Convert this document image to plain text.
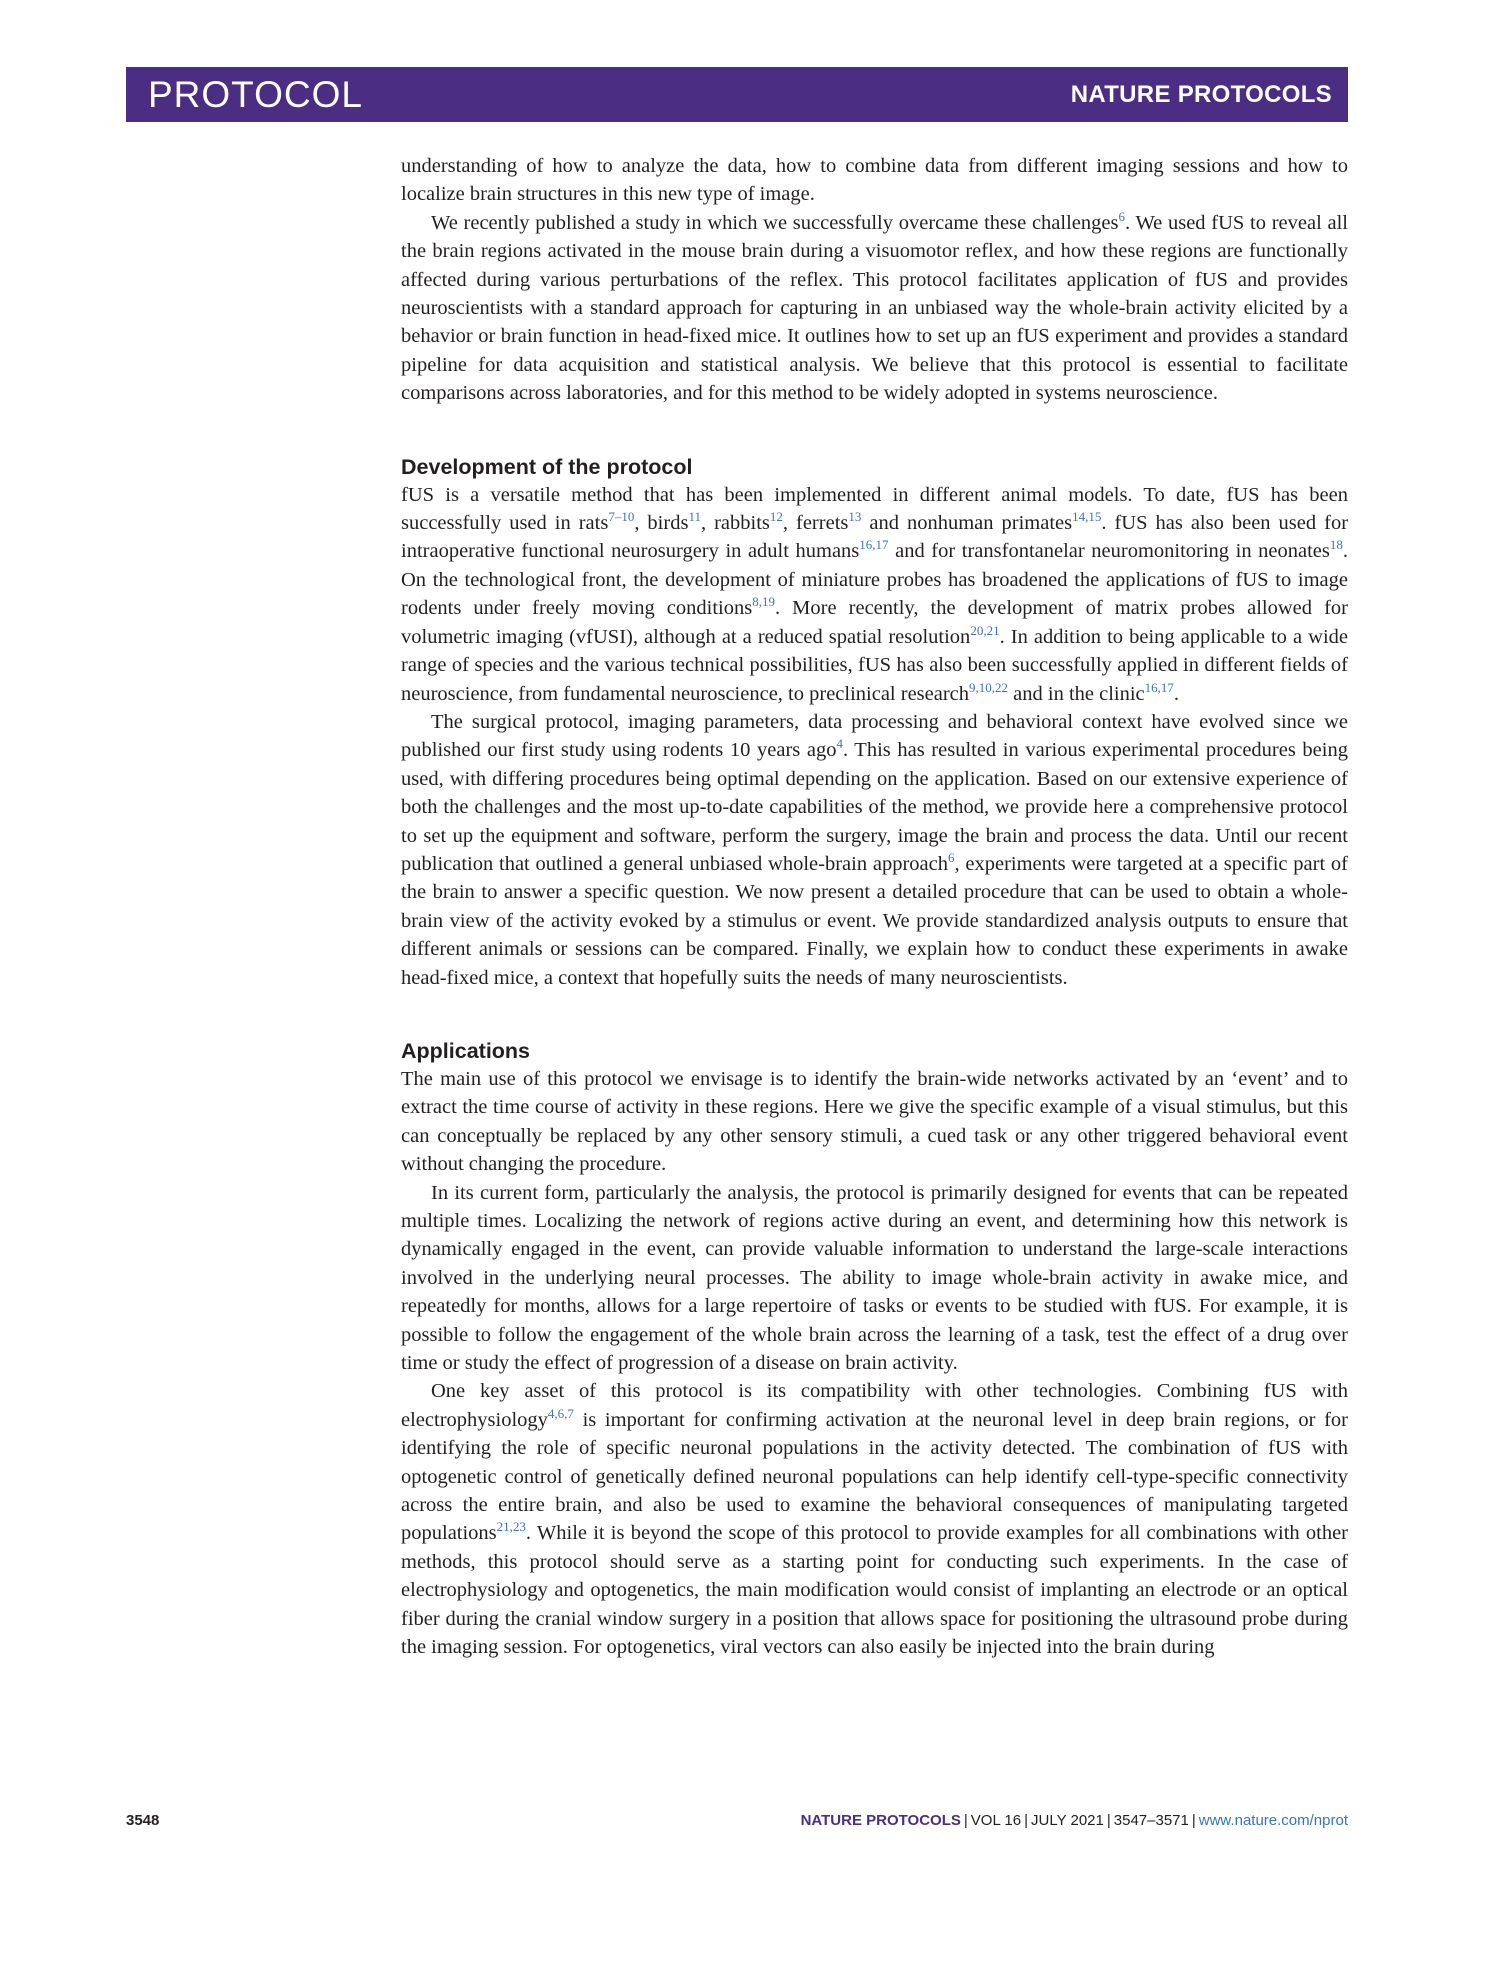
PROTOCOL	NATURE PROTOCOLS

understanding of how to analyze the data, how to combine data from different imaging sessions and how to localize brain structures in this new type of image.

We recently published a study in which we successfully overcame these challenges$^6$. We used fUS to reveal all the brain regions activated in the mouse brain during a visuomotor reflex, and how these regions are functionally affected during various perturbations of the reflex. This protocol facilitates application of fUS and provides neuroscientists with a standard approach for capturing in an unbiased way the whole-brain activity elicited by a behavior or brain function in head-fixed mice. It outlines how to set up an fUS experiment and provides a standard pipeline for data acquisition and statistical analysis. We believe that this protocol is essential to facilitate comparisons across laboratories, and for this method to be widely adopted in systems neuroscience.

Development of the protocol

fUS is a versatile method that has been implemented in different animal models. To date, fUS has been successfully used in rats$^{7-10}$, birds$^{11}$, rabbits$^{12}$, ferrets$^{13}$ and nonhuman primates$^{14,15}$. fUS has also been used for intraoperative functional neurosurgery in adult humans$^{16,17}$ and for transfontanelar neuromonitoring in neonates$^{18}$. On the technological front, the development of miniature probes has broadened the applications of fUS to image rodents under freely moving conditions$^{8,19}$. More recently, the development of matrix probes allowed for volumetric imaging (vfUSI), although at a reduced spatial resolution$^{20,21}$. In addition to being applicable to a wide range of species and the various technical possibilities, fUS has also been successfully applied in different fields of neuroscience, from fundamental neuroscience, to preclinical research$^{9,10,22}$ and in the clinic$^{16,17}$.

The surgical protocol, imaging parameters, data processing and behavioral context have evolved since we published our first study using rodents 10 years ago$^4$. This has resulted in various experimental procedures being used, with differing procedures being optimal depending on the application. Based on our extensive experience of both the challenges and the most up-to-date capabilities of the method, we provide here a comprehensive protocol to set up the equipment and software, perform the surgery, image the brain and process the data. Until our recent publication that outlined a general unbiased whole-brain approach$^6$, experiments were targeted at a specific part of the brain to answer a specific question. We now present a detailed procedure that can be used to obtain a whole-brain view of the activity evoked by a stimulus or event. We provide standardized analysis outputs to ensure that different animals or sessions can be compared. Finally, we explain how to conduct these experiments in awake head-fixed mice, a context that hopefully suits the needs of many neuroscientists.

Applications

The main use of this protocol we envisage is to identify the brain-wide networks activated by an ‘event’ and to extract the time course of activity in these regions. Here we give the specific example of a visual stimulus, but this can conceptually be replaced by any other sensory stimuli, a cued task or any other triggered behavioral event without changing the procedure.

In its current form, particularly the analysis, the protocol is primarily designed for events that can be repeated multiple times. Localizing the network of regions active during an event, and determining how this network is dynamically engaged in the event, can provide valuable information to understand the large-scale interactions involved in the underlying neural processes. The ability to image whole-brain activity in awake mice, and repeatedly for months, allows for a large repertoire of tasks or events to be studied with fUS. For example, it is possible to follow the engagement of the whole brain across the learning of a task, test the effect of a drug over time or study the effect of progression of a disease on brain activity.

One key asset of this protocol is its compatibility with other technologies. Combining fUS with electrophysiology$^{4,6,7}$ is important for confirming activation at the neuronal level in deep brain regions, or for identifying the role of specific neuronal populations in the activity detected. The combination of fUS with optogenetic control of genetically defined neuronal populations can help identify cell-type-specific connectivity across the entire brain, and also be used to examine the behavioral consequences of manipulating targeted populations$^{21,23}$. While it is beyond the scope of this protocol to provide examples for all combinations with other methods, this protocol should serve as a starting point for conducting such experiments. In the case of electrophysiology and optogenetics, the main modification would consist of implanting an electrode or an optical fiber during the cranial window surgery in a position that allows space for positioning the ultrasound probe during the imaging session. For optogenetics, viral vectors can also easily be injected into the brain during

3548	NATURE PROTOCOLS | VOL 16 | JULY 2021 | 3547–3571 | www.nature.com/nprot
